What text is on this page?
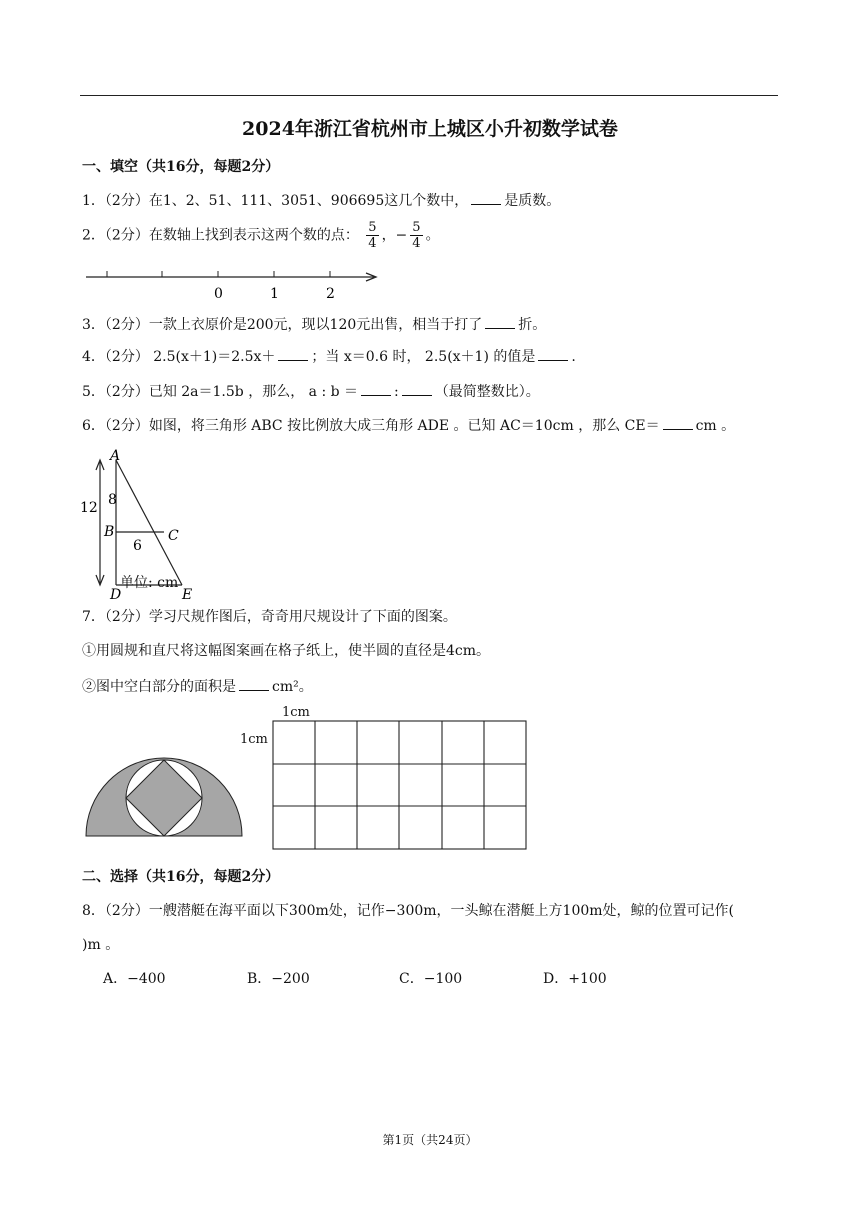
2024年浙江省杭州市上城区小升初数学试卷
一、填空（共16分，每题2分）
1．（2分）在1、2、51、111、3051、906695这几个数中，	是质数。
2．（2分）在数轴上找到表示这两个数的点： $\frac{5}{4}$ ，− $\frac{5}{4}$ 。
0	1	2
3．（2分）一款上衣原价是200元，现以120元出售，相当于打了	折。
4．（2分） 2.5(x＋1)＝2.5x＋	；当 x＝0.6 时， 2.5(x＋1) 的值是	.
5．（2分）已知 2a＝1.5b ，那么， a : b ＝	:	（最简整数比）。
6．（2分）如图，将三角形 ABC 按比例放大成三角形 ADE 。已知 AC＝10cm ，那么 CE＝	cm 。
A
B	C
D	E
12 8
6
单位: cm
7．（2分）学习尺规作图后，奇奇用尺规设计了下面的图案。
①用圆规和直尺将这幅图案画在格子纸上，使半圆的直径是4cm。
②图中空白部分的面积是	cm²。
1cm
1cm
二、选择（共16分，每题2分）
8．（2分）一艘潜艇在海平面以下300m处，记作−300m，一头鲸在潜艇上方100m处，鲸的位置可记作(
)m 。
A．−400	B．−200	C．−100	D．+100
第1页（共24页）
